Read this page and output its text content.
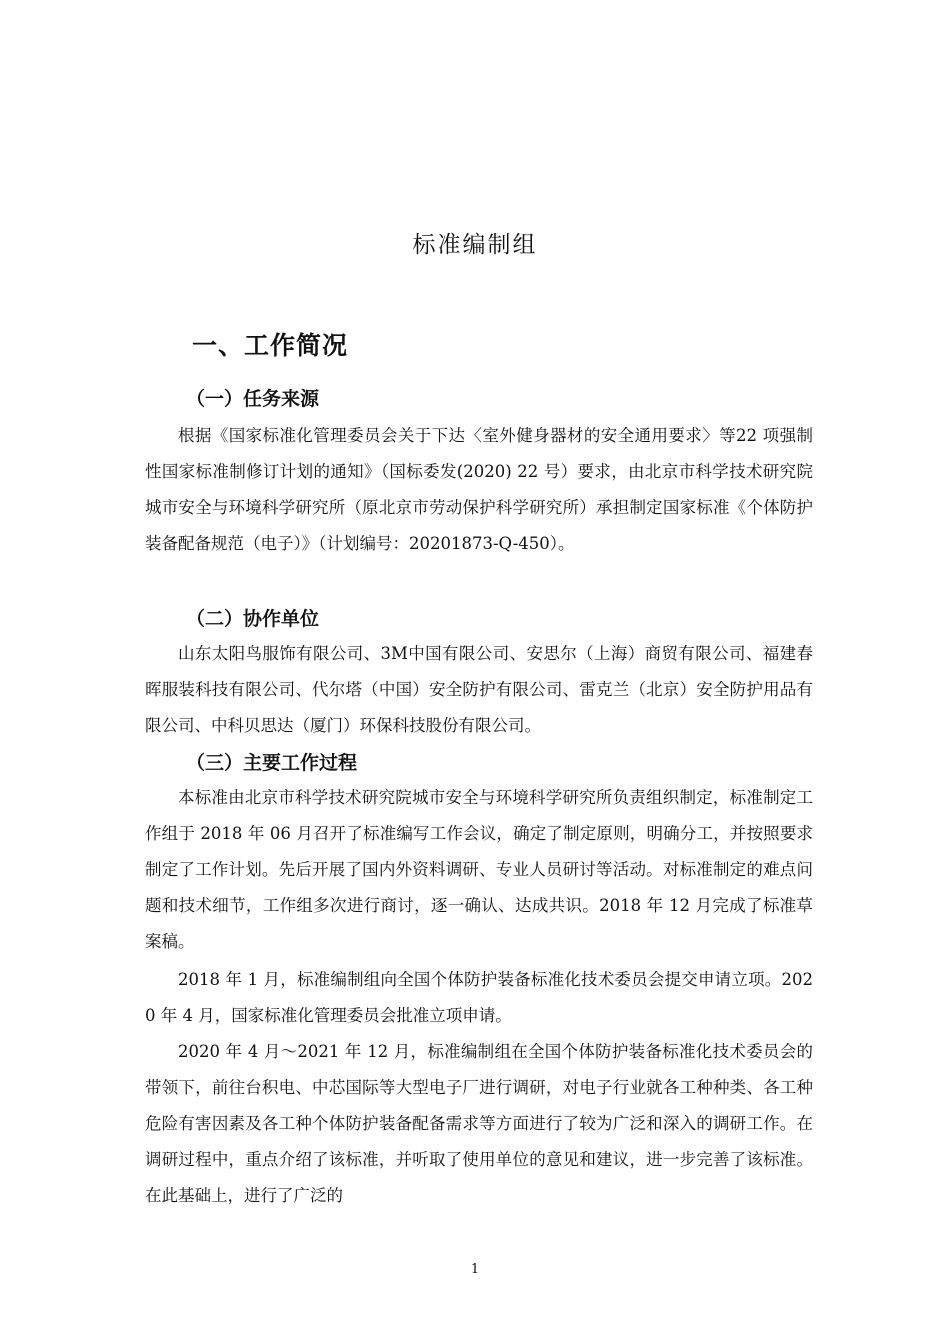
标准编制组
一、工作简况
（一）任务来源

根据《国家标准化管理委员会关于下达〈室外健身器材的安全通用要求〉等22 项强制性国家标准制修订计划的通知》（国标委发(2020) 22 号）要求，由北京市科学技术研究院城市安全与环境科学研究所（原北京市劳动保护科学研究所）承担制定国家标准《个体防护装备配备规范（电子）》（计划编号：20201873-Q-450）。

（二）协作单位

山东太阳鸟服饰有限公司、3M中国有限公司、安思尔（上海）商贸有限公司、福建春晖服装科技有限公司、代尔塔（中国）安全防护有限公司、雷克兰（北京）安全防护用品有限公司、中科贝思达（厦门）环保科技股份有限公司。

（三）主要工作过程

本标准由北京市科学技术研究院城市安全与环境科学研究所负责组织制定，标准制定工作组于 2018 年 06 月召开了标准编写工作会议，确定了制定原则，明确分工，并按照要求制定了工作计划。先后开展了国内外资料调研、专业人员研讨等活动。对标准制定的难点问题和技术细节，工作组多次进行商讨，逐一确认、达成共识。2018 年 12 月完成了标准草案稿。

2018 年 1 月，标准编制组向全国个体防护装备标准化技术委员会提交申请立项。2020 年 4 月，国家标准化管理委员会批准立项申请。

2020 年 4 月～2021 年 12 月，标准编制组在全国个体防护装备标准化技术委员会的带领下，前往台积电、中芯国际等大型电子厂进行调研，对电子行业就各工种种类、各工种危险有害因素及各工种个体防护装备配备需求等方面进行了较为广泛和深入的调研工作。在调研过程中，重点介绍了该标准，并听取了使用单位的意见和建议，进一步完善了该标准。在此基础上，进行了广泛的

1
